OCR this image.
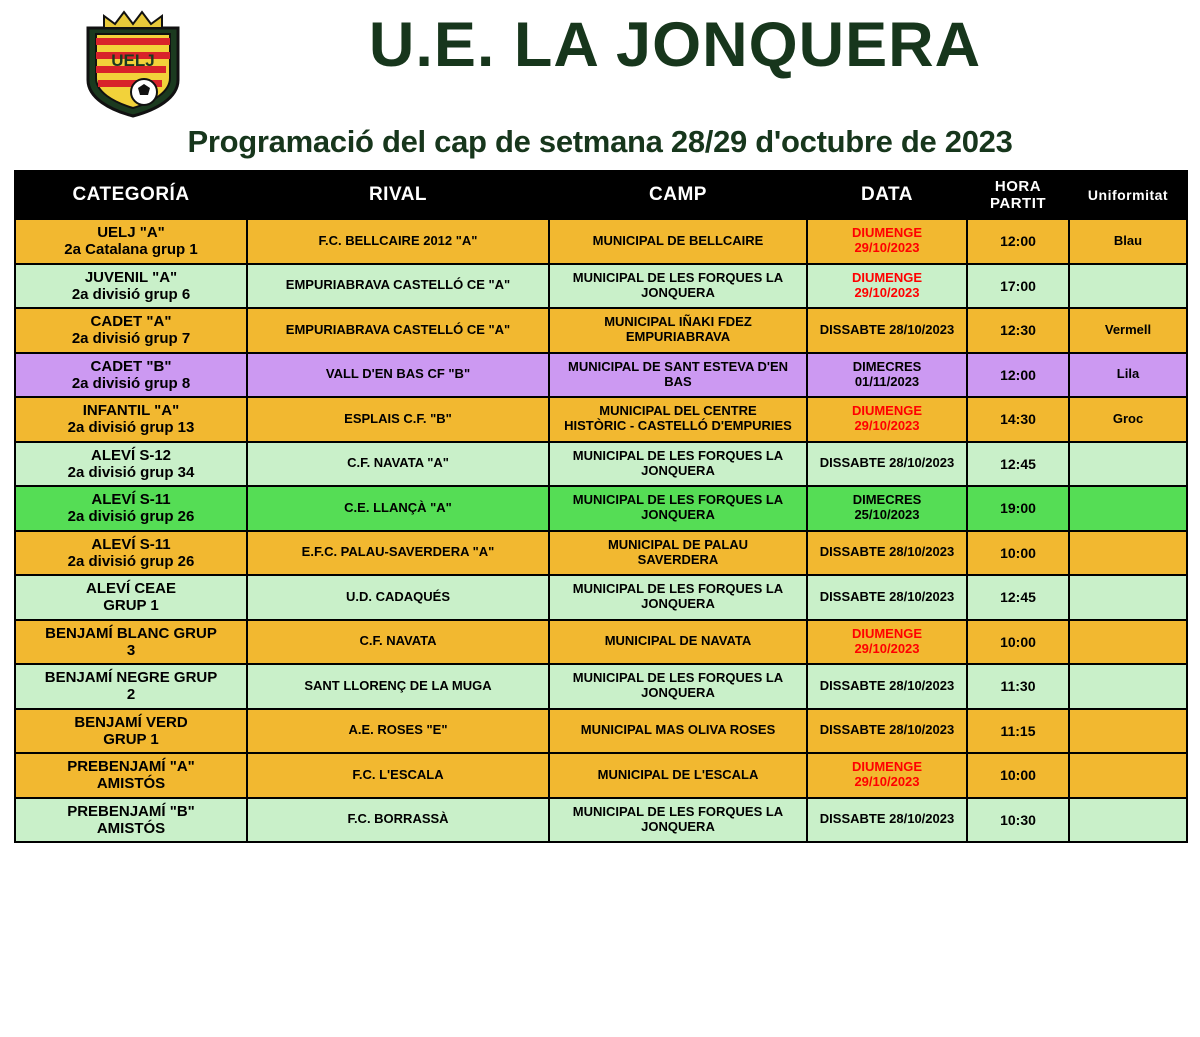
UELJ	U.E. LA JONQUERA
Programació del cap de setmana 28/29 d'octubre de 2023
CATEGORÍA	RIVAL	CAMP	DATA	HORA
PARTIT	Uniformitat

UELJ "A"
2a Catalana grup 1	F.C. BELLCAIRE 2012 "A"	MUNICIPAL DE BELLCAIRE	DIUMENGE
29/10/2023	12:00	Blau

JUVENIL "A"
2a divisió grup 6	EMPURIABRAVA CASTELLÓ CE "A"	MUNICIPAL DE LES FORQUES LA
JONQUERA	DIUMENGE
29/10/2023	17:00	

CADET "A"
2a divisió grup 7	EMPURIABRAVA CASTELLÓ CE "A"	MUNICIPAL IÑAKI FDEZ
EMPURIABRAVA	DISSABTE 28/10/2023	12:30	Vermell

CADET "B"
2a divisió grup 8	VALL D'EN BAS CF "B"	MUNICIPAL DE SANT ESTEVA D'EN
BAS	DIMECRES
01/11/2023	12:00	Lila

INFANTIL "A"
2a divisió grup 13	ESPLAIS C.F. "B"	MUNICIPAL DEL CENTRE
HISTÒRIC - CASTELLÓ D'EMPURIES	DIUMENGE
29/10/2023	14:30	Groc

ALEVÍ S-12
2a divisió grup 34	C.F. NAVATA "A"	MUNICIPAL DE LES FORQUES LA
JONQUERA	DISSABTE 28/10/2023	12:45	

ALEVÍ S-11
2a divisió grup 26	C.E. LLANÇÀ "A"	MUNICIPAL DE LES FORQUES LA
JONQUERA	DIMECRES
25/10/2023	19:00	

ALEVÍ S-11
2a divisió grup 26	E.F.C. PALAU-SAVERDERA "A"	MUNICIPAL DE PALAU
SAVERDERA	DISSABTE 28/10/2023	10:00	

ALEVÍ CEAE
GRUP 1	U.D. CADAQUÉS	MUNICIPAL DE LES FORQUES LA
JONQUERA	DISSABTE 28/10/2023	12:45	

BENJAMÍ BLANC GRUP
3	C.F. NAVATA	MUNICIPAL DE NAVATA	DIUMENGE
29/10/2023	10:00	

BENJAMÍ NEGRE GRUP
2	SANT LLORENÇ DE LA MUGA	MUNICIPAL DE LES FORQUES LA
JONQUERA	DISSABTE 28/10/2023	11:30	

BENJAMÍ VERD
GRUP 1	A.E. ROSES "E"	MUNICIPAL MAS OLIVA ROSES	DISSABTE 28/10/2023	11:15	

PREBENJAMÍ "A"
AMISTÓS	F.C. L'ESCALA	MUNICIPAL DE L'ESCALA	DIUMENGE
29/10/2023	10:00	

PREBENJAMÍ "B"
AMISTÓS	F.C. BORRASSÀ	MUNICIPAL DE LES FORQUES LA
JONQUERA	DISSABTE 28/10/2023	10:30	
